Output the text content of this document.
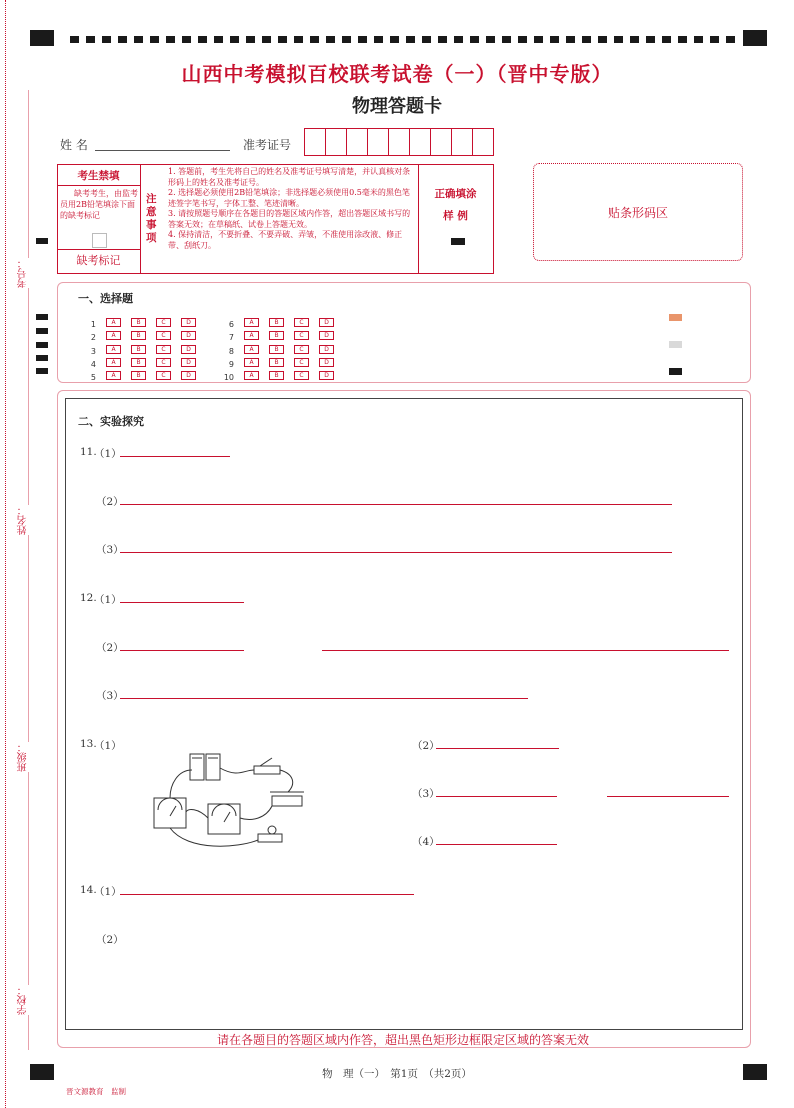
考号：
姓名：
班级：
学校：
山西中考模拟百校联考试卷（一）（晋中专版）
物理答题卡
姓 名	准考证号
考生禁填
缺考考生，由监考员用2B铅笔填涂下面的缺考标记
缺考标记
注意事项
1. 答题前，考生先将自己的姓名及准考证号填写清楚，并认真核对条形码上的姓名及准考证号。
2. 选择题必须使用2B铅笔填涂；非选择题必须使用0.5毫米的黑色笔迹签字笔书写，字体工整、笔迹清晰。
3. 请按照题号顺序在各题目的答题区域内作答，超出答题区域书写的答案无效；在草稿纸、试卷上答题无效。
4. 保持清洁，不要折叠、不要弄破、弄皱，不准使用涂改液、修正带、刮纸刀。
正确填涂
样 例	贴条形码区
一、选择题
1	A	B	C	D
2	A	B	C	D
3	A	B	C	D
4	A	B	C	D
5	A	B	C	D
6	A	B	C	D
7	A	B	C	D
8	A	B	C	D
9	A	B	C	D
10	A	B	C	D
二、实验探究
11.
（1）
（2）
（3）
12.
（1）
（2）
（3）
13.
（1）	（2）
（3）
（4）
14.
（1）
（2）
请在各题目的答题区域内作答，超出黑色矩形边框限定区域的答案无效
物　理（一）　第1页　（共2页）
晋文源教育　监制
